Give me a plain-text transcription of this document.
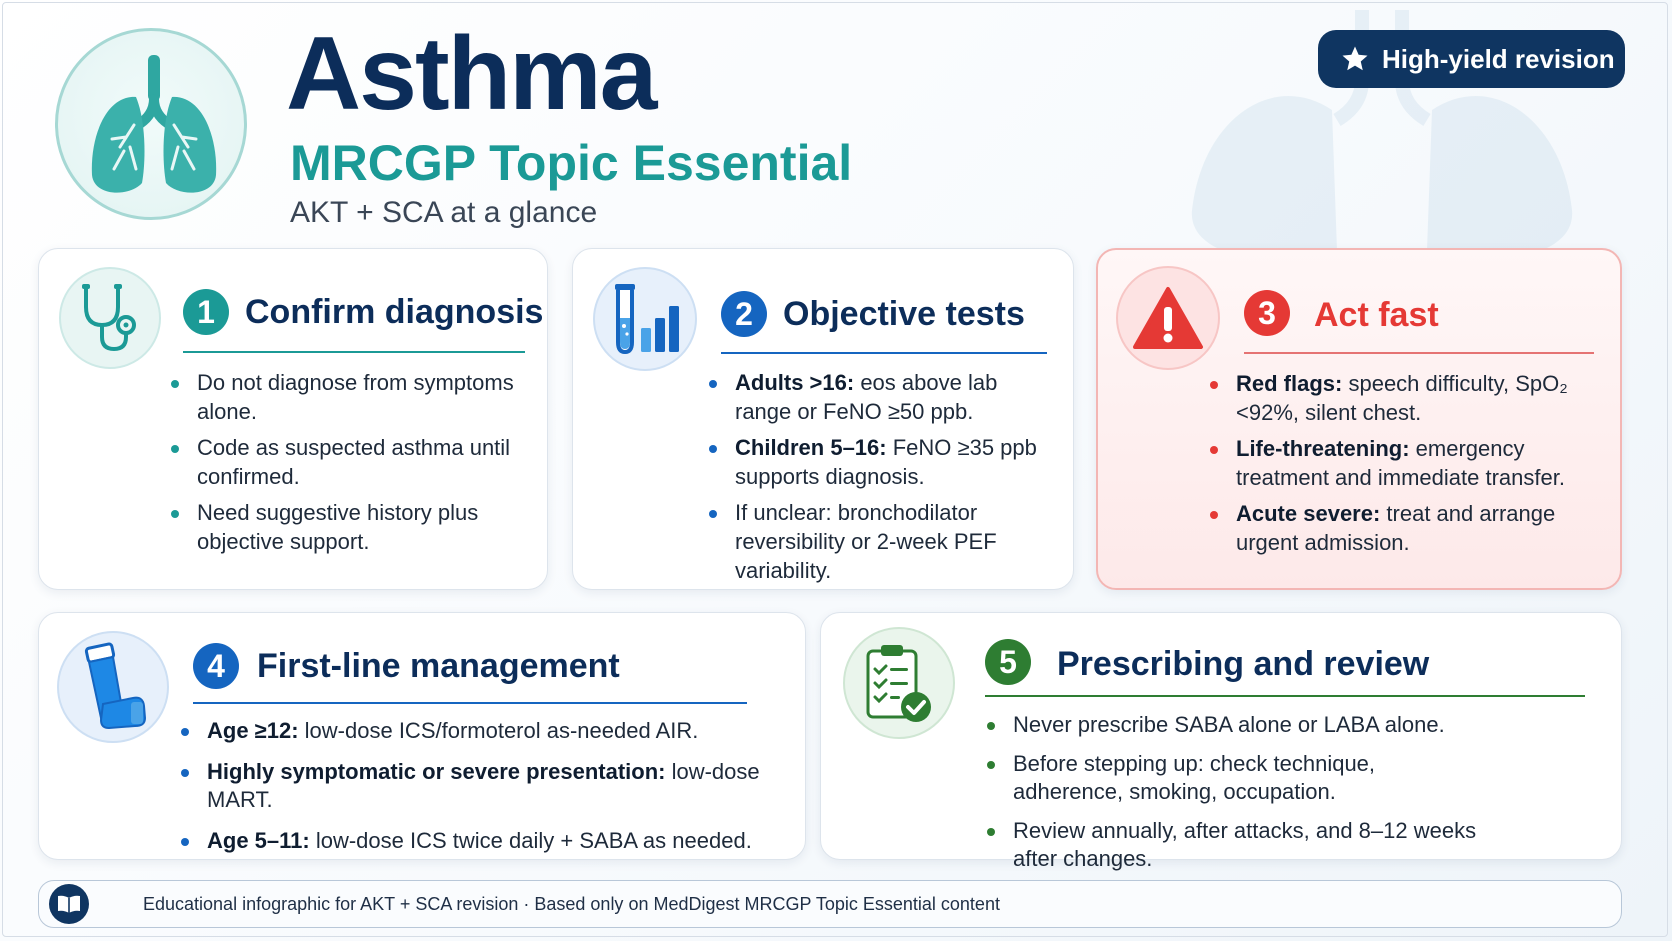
Asthma
MRCGP Topic Essential
AKT + SCA at a glance
High-yield revision
1 Confirm diagnosis
Do not diagnose from symptoms alone.
Code as suspected asthma until confirmed.
Need suggestive history plus objective support.
2 Objective tests
Adults >16: eos above lab range or FeNO ≥50 ppb.
Children 5–16: FeNO ≥35 ppb supports diagnosis.
If unclear: bronchodilator reversibility or 2-week PEF variability.
3	Act fast
Red flags: speech difficulty, SpO₂ <92%, silent chest.
Life-threatening: emergency treatment and immediate transfer.
Acute severe: treat and arrange urgent admission.
4 First-line management
Age ≥12: low-dose ICS/formoterol as-needed AIR.
Highly symptomatic or severe presentation: low-dose MART.
Age 5–11: low-dose ICS twice daily + SABA as needed.
5	Prescribing and review
Never prescribe SABA alone or LABA alone.
Before stepping up: check technique, adherence, smoking, occupation.
Review annually, after attacks, and 8–12 weeks after changes.
Educational infographic for AKT + SCA revision · Based only on MedDigest MRCGP Topic Essential content
